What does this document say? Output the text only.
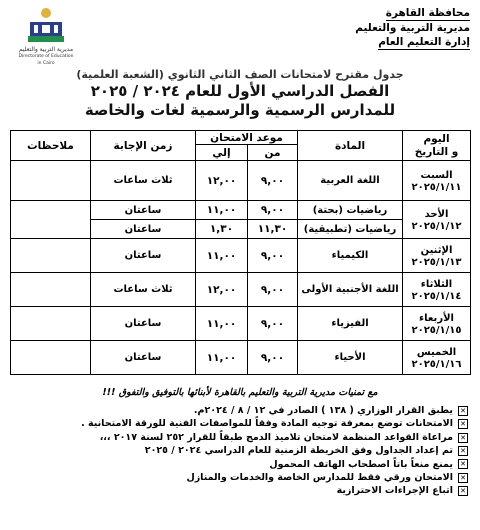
محافظة القاهرة
مديرية التربية والتعليم
إدارة التعليم العام
مديرية التربية والتعليم
Directorate of Education in Cairo
جدول مقترح لامتحانات الصف الثاني الثانوي (الشعبة العلمية)
الفصل الدراسي الأول للعام ٢٠٢٤ / ٢٠٢٥
للمدارس الرسمية والرسمية لغات والخاصة
اليوم
و التاريخ	المادة	موعد الامتحان		زمن الإجابة	ملاحظات
		من	إلي		

السبت
٢٠٢٥/١/١١	اللغة العربية	٩,٠٠	١٢,٠٠	ثلاث ساعات	

الأحد
٢٠٢٥/١/١٢	رياضيات (بحتة)	٩,٠٠	١١,٠٠	ساعتان	
	رياضيات (تطبيقية)	١١,٣٠	١,٣٠	ساعتان	

الإثنين
٢٠٢٥/١/١٣	الكيمياء	٩,٠٠	١١,٠٠	ساعتان	

الثلاثاء
٢٠٢٥/١/١٤	اللغة الأجنبية الأولى	٩,٠٠	١٢,٠٠	ثلاث ساعات	

الأربعاء
٢٠٢٥/١/١٥	الفيزياء	٩,٠٠	١١,٠٠	ساعتان	

الخميس
٢٠٢٥/١/١٦	الأحياء	٩,٠٠	١١,٠٠	ساعتان	
مع تمنيات مديرية التربية والتعليم بالقاهرة لأبنائها بالتوفيق والتفوق !!!
✕
يطبق القرار الوزاري ( ١٣٨ ) الصادر في ١٢ / ٨ / ٢٠٢٤م.
✕
الامتحانات توضع بمعرفة توجيه المادة وفقاً للمواصفات الفنية للورقة الامتحانية .
✕
مراعاة القواعد المنظمة لامتحان تلاميذ الدمج طبقاً للقرار ٢٥٢ لسنة ٢٠١٧ ،،،
✕
تم إعداد الجداول وفق الخريطة الزمنية للعام الدراسي ٢٠٢٤ / ٢٠٢٥
✕
يمنع منعاً باتاً اصطحاب الهاتف المحمول
✕
الامتحان ورقي فقط للمدارس الخاصة والخدمات والمنازل
✕
اتباع الإجراءات الاحترازية
